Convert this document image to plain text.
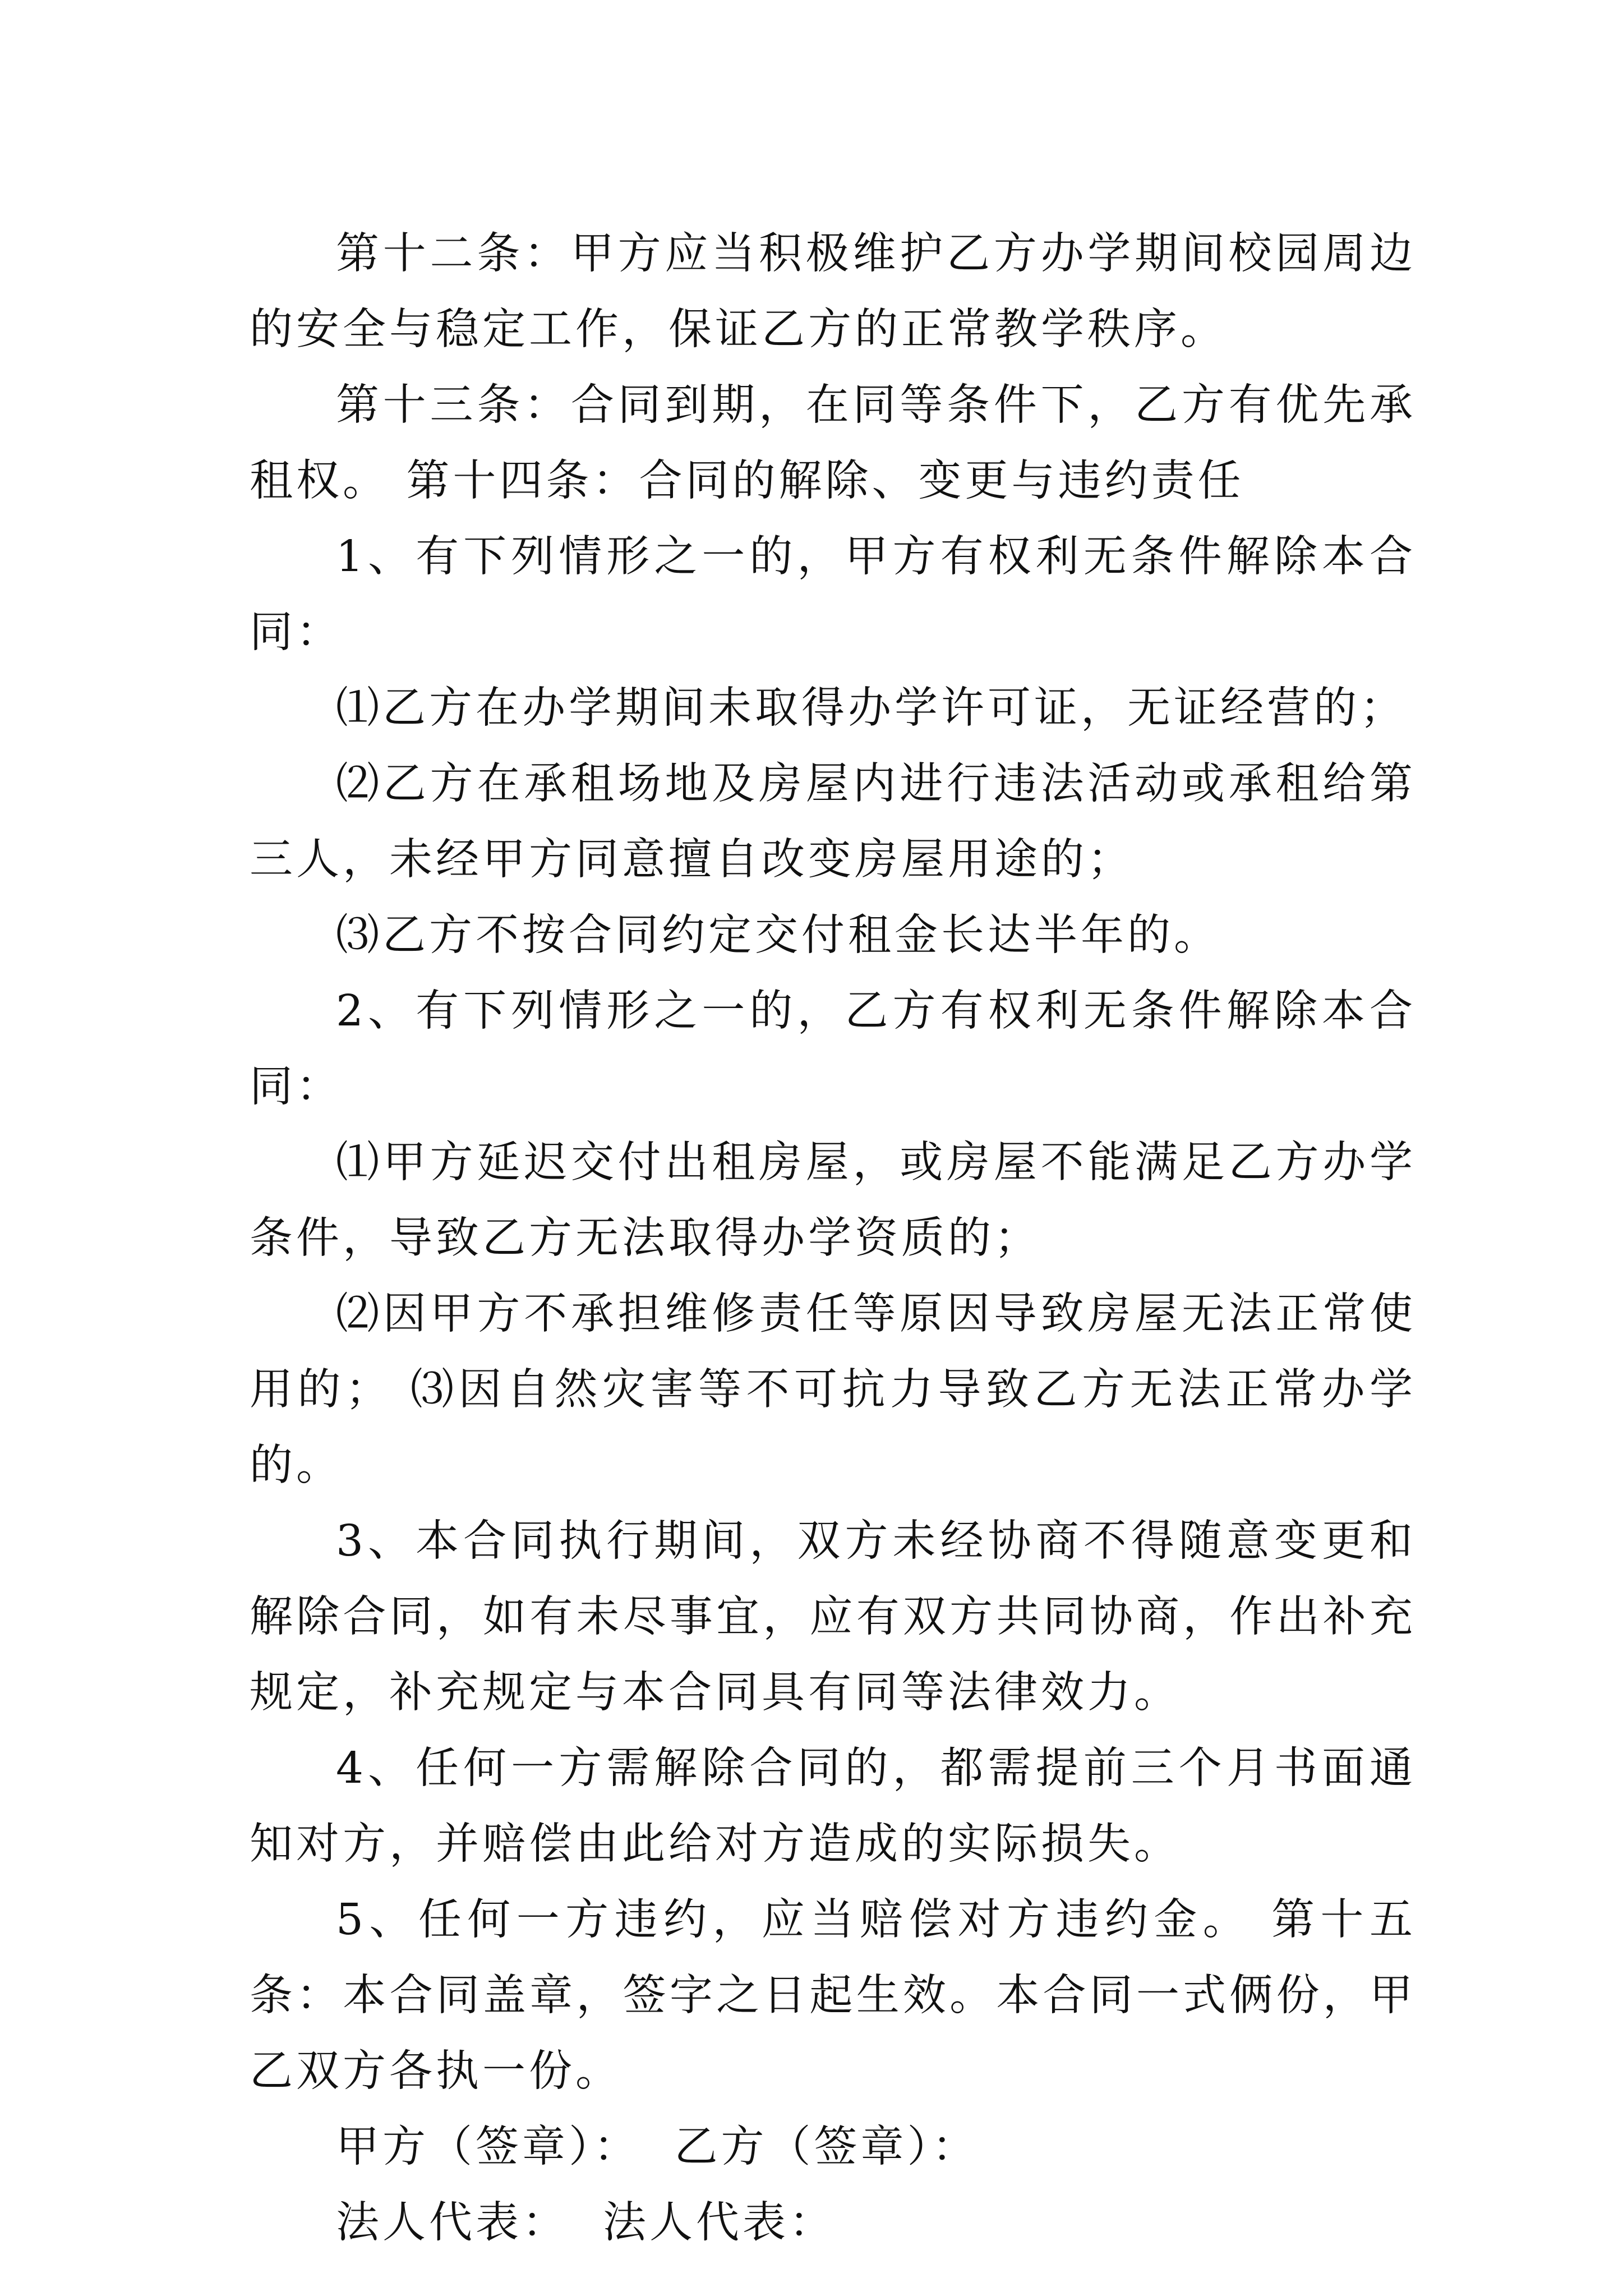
第十二条：甲方应当积极维护乙方办学期间校园周边的安全与稳定工作，保证乙方的正常教学秩序。

第十三条：合同到期，在同等条件下，乙方有优先承租权。 第十四条：合同的解除、变更与违约责任

1、有下列情形之一的，甲方有权利无条件解除本合同：

⑴乙方在办学期间未取得办学许可证，无证经营的；

⑵乙方在承租场地及房屋内进行违法活动或承租给第三人，未经甲方同意擅自改变房屋用途的；

⑶乙方不按合同约定交付租金长达半年的。

2、有下列情形之一的，乙方有权利无条件解除本合同：

⑴甲方延迟交付出租房屋，或房屋不能满足乙方办学条件，导致乙方无法取得办学资质的；

⑵因甲方不承担维修责任等原因导致房屋无法正常使用的； ⑶因自然灾害等不可抗力导致乙方无法正常办学的。

3、本合同执行期间，双方未经协商不得随意变更和解除合同，如有未尽事宜，应有双方共同协商，作出补充规定，补充规定与本合同具有同等法律效力。

4、任何一方需解除合同的，都需提前三个月书面通知对方，并赔偿由此给对方造成的实际损失。

5、任何一方违约，应当赔偿对方违约金。 第十五条：本合同盖章，签字之日起生效。本合同一式俩份，甲乙双方各执一份。

甲方（签章）： 乙方（签章）：

法人代表： 法人代表：
